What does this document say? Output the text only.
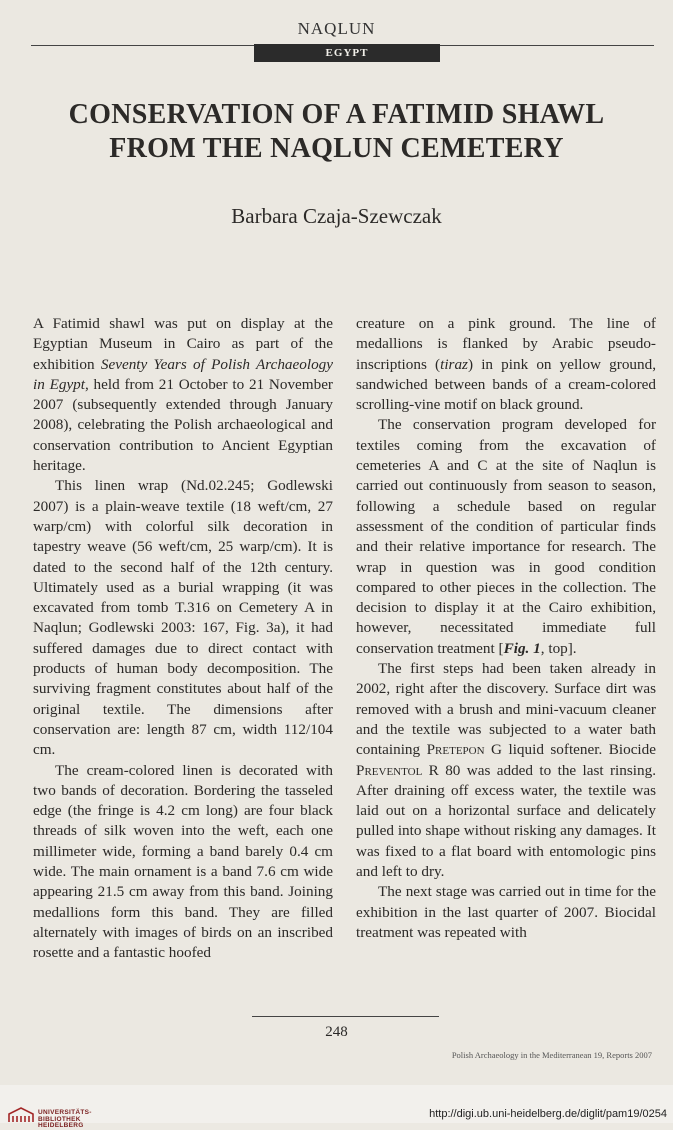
NAQLUN
EGYPT
CONSERVATION OF A FATIMID SHAWL FROM THE NAQLUN CEMETERY
Barbara Czaja-Szewczak

A Fatimid shawl was put on display at the Egyptian Museum in Cairo as part of the exhibition Seventy Years of Polish Archaeology in Egypt, held from 21 October to 21 November 2007 (subsequently extended through January 2008), celebrating the Polish archaeological and conservation contribution to Ancient Egyptian heritage.

This linen wrap (Nd.02.245; Godlewski 2007) is a plain-weave textile (18 weft/cm, 27 warp/cm) with colorful silk decoration in tapestry weave (56 weft/cm, 25 warp/cm). It is dated to the second half of the 12th century. Ultimately used as a burial wrapping (it was excavated from tomb T.316 on Cemetery A in Naqlun; Godlewski 2003: 167, Fig. 3a), it had suffered damages due to direct contact with products of human body decomposition. The surviving fragment constitutes about half of the original textile. The dimensions after conservation are: length 87 cm, width 112/104 cm.

The cream-colored linen is decorated with two bands of decoration. Bordering the tasseled edge (the fringe is 4.2 cm long) are four black threads of silk woven into the weft, each one millimeter wide, forming a band barely 0.4 cm wide. The main ornament is a band 7.6 cm wide appearing 21.5 cm away from this band. Joining medallions form this band. They are filled alternately with images of birds on an inscribed rosette and a fantastic hoofed

creature on a pink ground. The line of medallions is flanked by Arabic pseudo-inscriptions (tiraz) in pink on yellow ground, sandwiched between bands of a cream-colored scrolling-vine motif on black ground.

The conservation program developed for textiles coming from the excavation of cemeteries A and C at the site of Naqlun is carried out continuously from season to season, following a schedule based on regular assessment of the condition of particular finds and their relative importance for research. The wrap in question was in good condition compared to other pieces in the collection. The decision to display it at the Cairo exhibition, however, necessitated immediate full conservation treatment [Fig. 1, top].

The first steps had been taken already in 2002, right after the discovery. Surface dirt was removed with a brush and mini-vacuum cleaner and the textile was subjected to a water bath containing Pretepon G liquid softener. Biocide Preventol R 80 was added to the last rinsing. After draining off excess water, the textile was laid out on a horizontal surface and delicately pulled into shape without risking any damages. It was fixed to a flat board with entomologic pins and left to dry.

The next stage was carried out in time for the exhibition in the last quarter of 2007. Biocidal treatment was repeated with

248
Polish Archaeology in the Mediterranean 19, Reports 2007
UNIVERSITÄTS-
BIBLIOTHEK
HEIDELBERG
http://digi.ub.uni-heidelberg.de/diglit/pam19/0254
